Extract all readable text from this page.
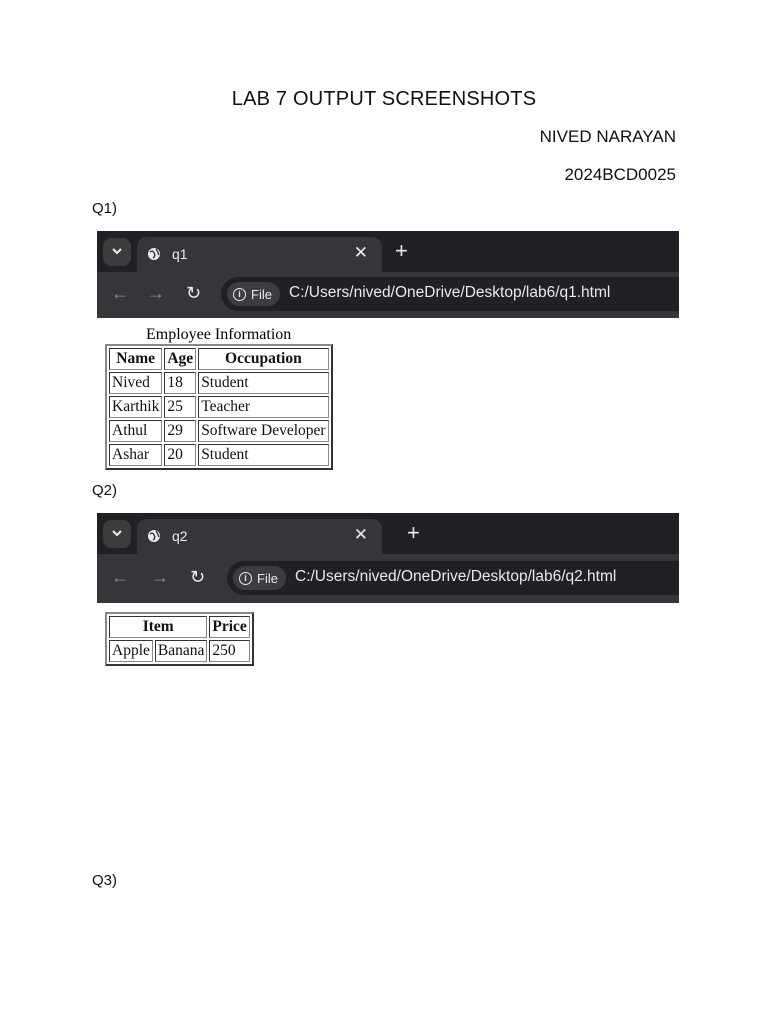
LAB 7 OUTPUT SCREENSHOTS
NIVED NARAYAN
2024BCD0025
Q1)
q1	✕ +
← → ↻	i File C:/Users/nived/OneDrive/Desktop/lab6/q1.html
Employee Information
Name	Age	Occupation
Nived	18	Student
Karthik	25	Teacher
Athul	29	Software Developer
Ashar	20	Student
Q2)
q2	✕ +
← → ↻	i File C:/Users/nived/OneDrive/Desktop/lab6/q2.html
Item		Price
Apple	Banana	250
Q3)
